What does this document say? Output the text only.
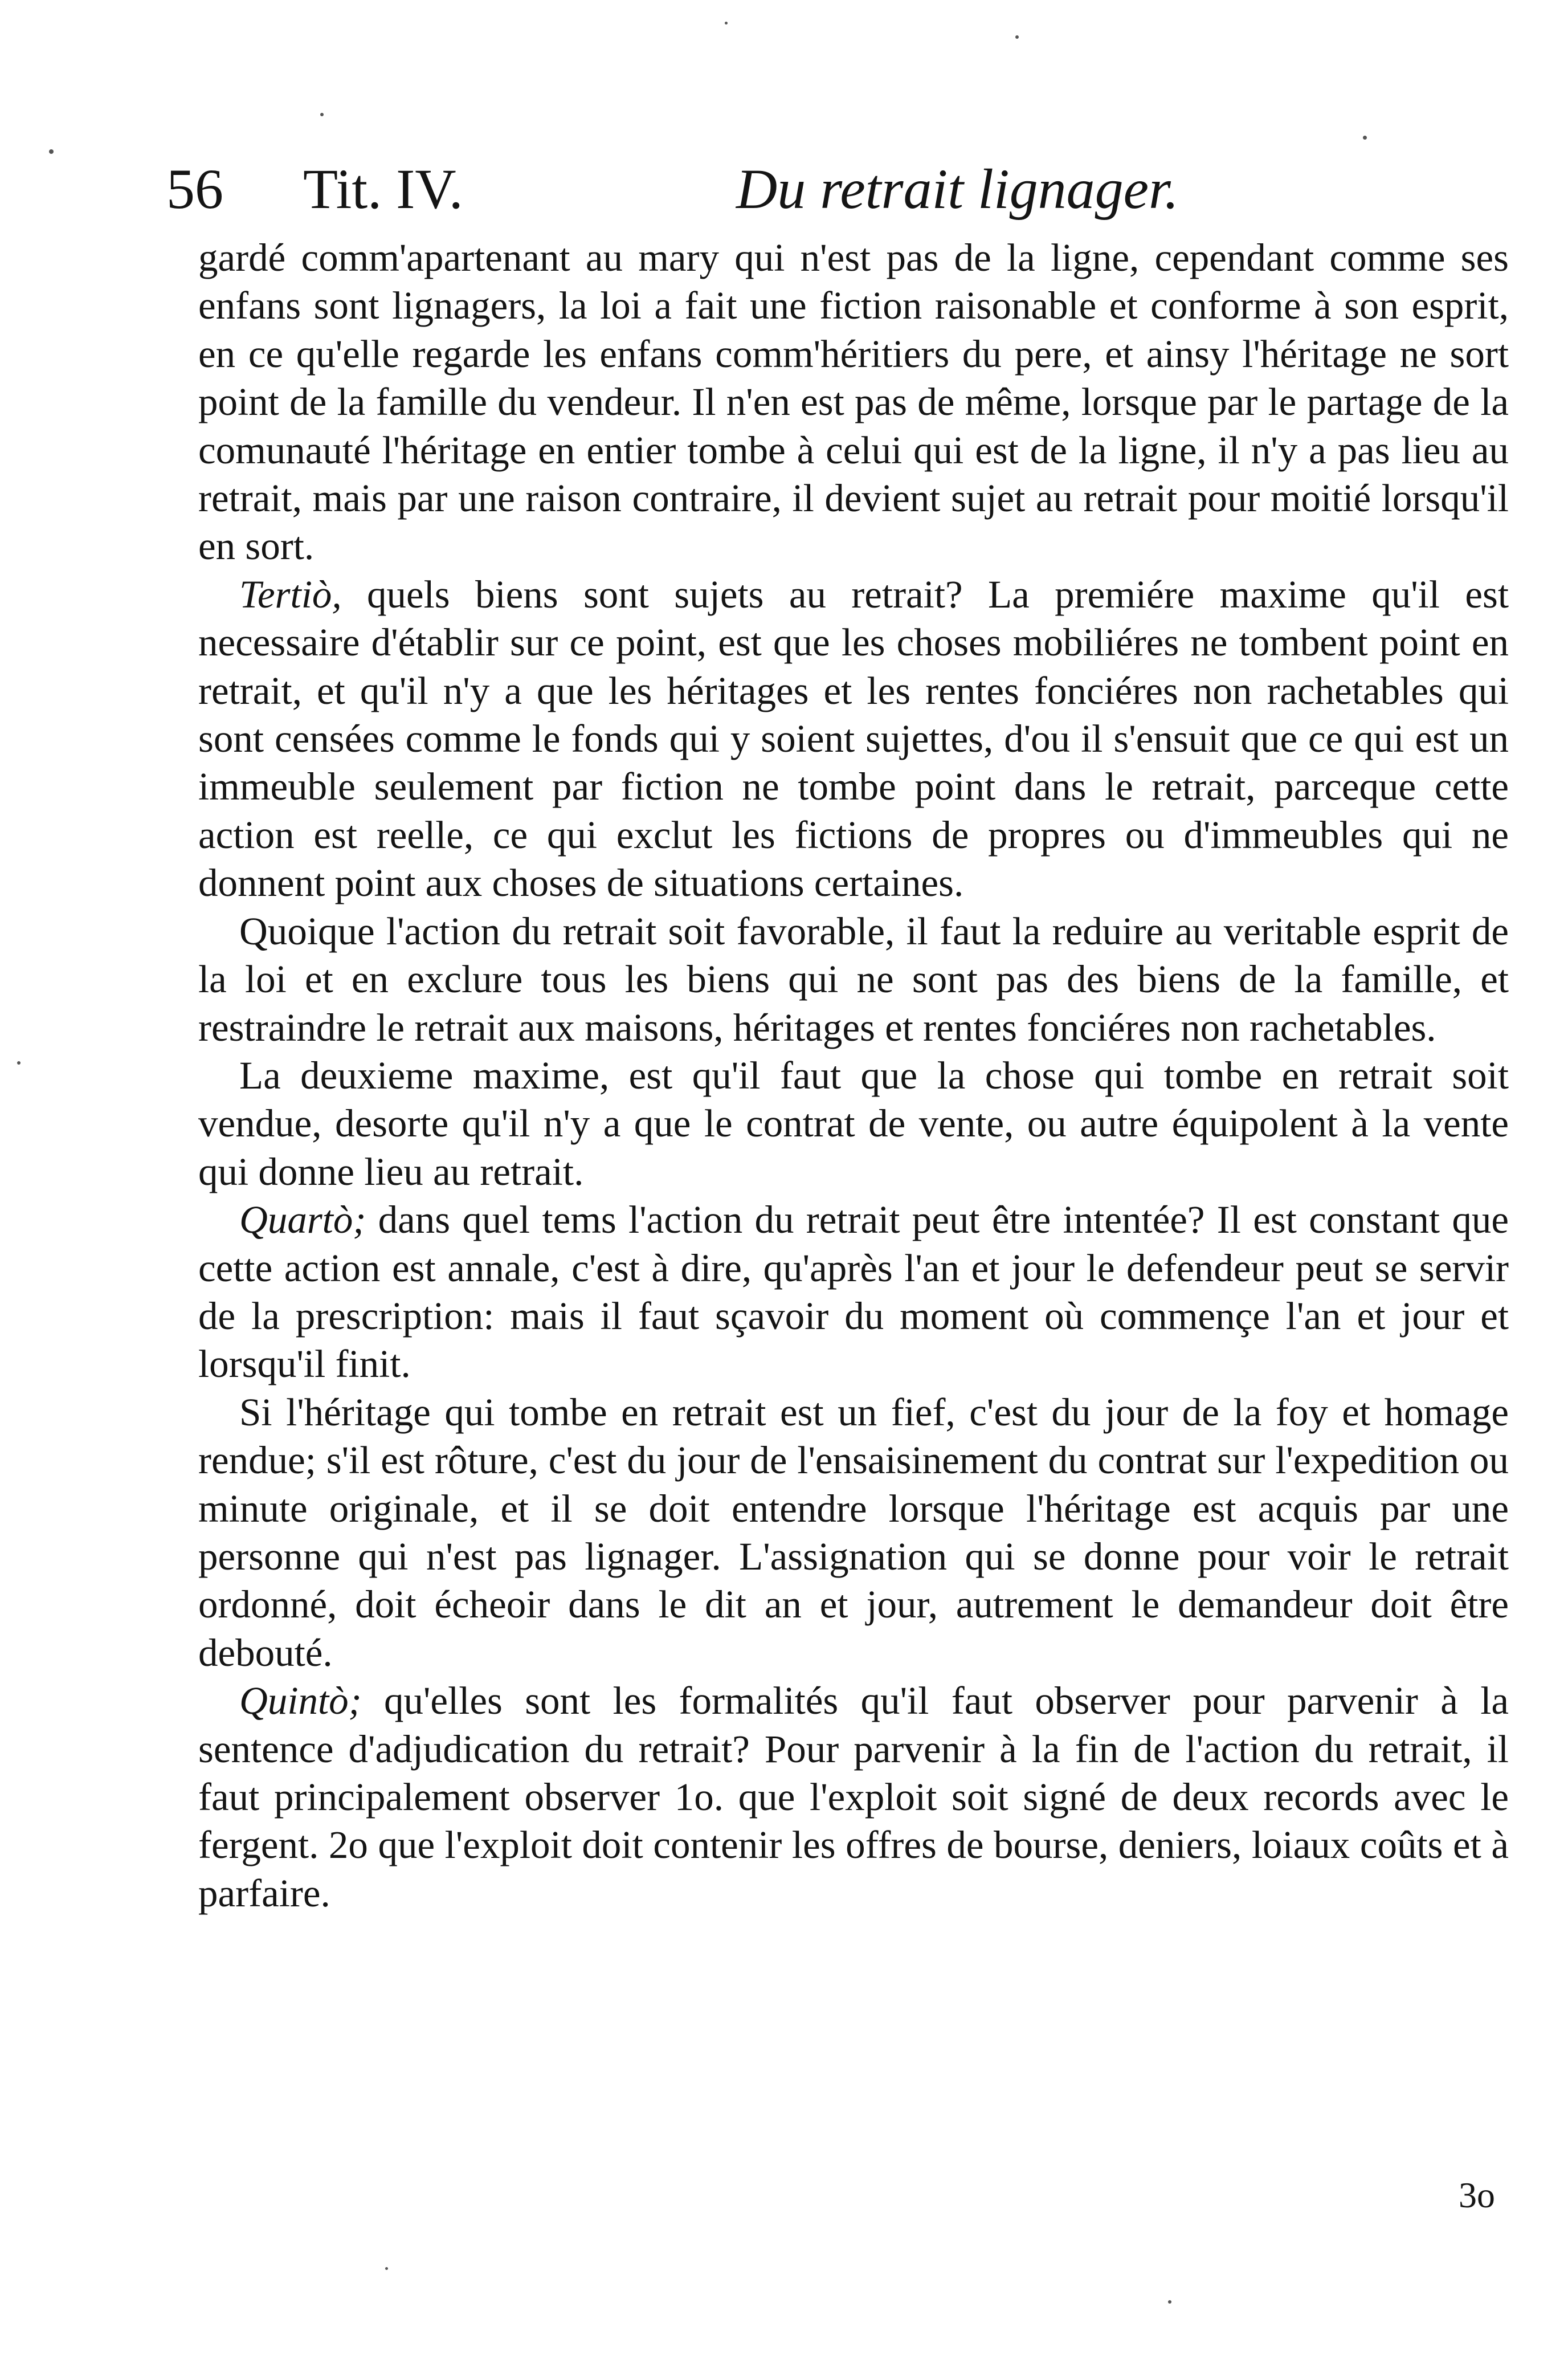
56 Tit. IV.	Du retrait lignager.

gardé comm'apartenant au mary qui n'est pas de la ligne, cependant comme ses enfans sont lignagers, la loi a fait une fiction raisonable et conforme à son esprit, en ce qu'elle regarde les enfans comm'héritiers du pere, et ainsy l'héritage ne sort point de la famille du vendeur. Il n'en est pas de même, lorsque par le partage de la comunauté l'héritage en entier tombe à celui qui est de la ligne, il n'y a pas lieu au retrait, mais par une raison contraire, il devient sujet au retrait pour moitié lorsqu'il en sort.

Tertiò, quels biens sont sujets au retrait? La premiére maxime qu'il est necessaire d'établir sur ce point, est que les choses mobiliéres ne tombent point en retrait, et qu'il n'y a que les héritages et les rentes fonciéres non rachetables qui sont censées comme le fonds qui y soient sujettes, d'ou il s'ensuit que ce qui est un immeuble seulement par fiction ne tombe point dans le retrait, parceque cette action est reelle, ce qui exclut les fictions de propres ou d'immeubles qui ne donnent point aux choses de situations certaines.

Quoique l'action du retrait soit favorable, il faut la reduire au veritable esprit de la loi et en exclure tous les biens qui ne sont pas des biens de la famille, et restraindre le retrait aux maisons, héritages et rentes fonciéres non rachetables.

La deuxieme maxime, est qu'il faut que la chose qui tombe en retrait soit vendue, desorte qu'il n'y a que le contrat de vente, ou autre équipolent à la vente qui donne lieu au retrait.

Quartò; dans quel tems l'action du retrait peut être intentée? Il est constant que cette action est annale, c'est à dire, qu'après l'an et jour le defendeur peut se servir de la prescription: mais il faut sçavoir du moment où commençe l'an et jour et lorsqu'il finit.

Si l'héritage qui tombe en retrait est un fief, c'est du jour de la foy et homage rendue; s'il est rôture, c'est du jour de l'ensaisinement du contrat sur l'expedition ou minute originale, et il se doit entendre lorsque l'héritage est acquis par une personne qui n'est pas lignager. L'assignation qui se donne pour voir le retrait ordonné, doit écheoir dans le dit an et jour, autrement le demandeur doit être debouté.

Quintò; qu'elles sont les formalités qu'il faut observer pour parvenir à la sentence d'adjudication du retrait? Pour parvenir à la fin de l'action du retrait, il faut principalement observer 1o. que l'exploit soit signé de deux records avec le fergent. 2o que l'exploit doit contenir les offres de bourse, deniers, loiaux coûts et à parfaire.

3o
